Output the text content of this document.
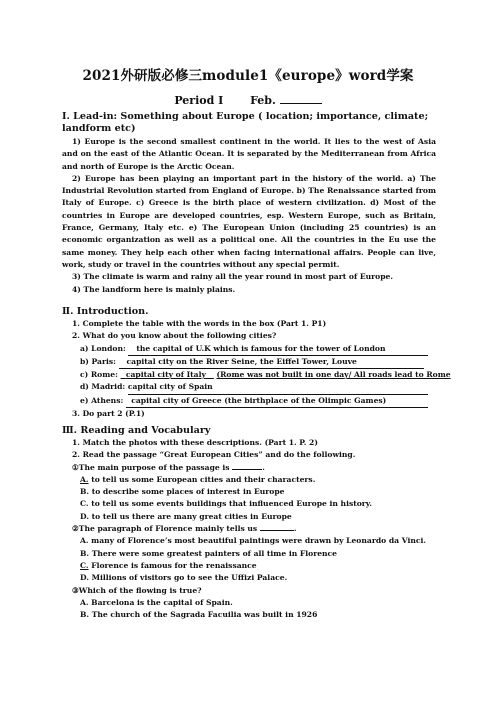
2021外研版必修三module1《europe》word学案
Period Ⅰ Feb.
Ⅰ. Lead-in: Something about Europe ( location; importance, climate; landform etc)
1) Europe is the second smallest continent in the world. It lies to the west of Asia and on the east of the Atlantic Ocean. It is separated by the Mediterranean from Africa and north of Europe is the Arctic Ocean.
2) Europe has been playing an important part in the history of the world. a) The Industrial Revolution started from England of Europe. b) The Renaissance started from Italy of Europe. c) Greece is the birth place of western civilization. d) Most of the countries in Europe are developed countries, esp. Western Europe, such as Britain, France, Germany, Italy etc. e) The European Union (including 25 countries) is an economic organization as well as a political one. All the countries in the Eu use the same money. They help each other when facing international affairs. People can live, work, study or travel in the countries without any special permit.
3) The climate is warm and rainy all the year round in most part of Europe.
4) The landform here is mainly plains.
Ⅱ. Introduction.
1. Complete the table with the words in the box (Part 1. P1)
2. What do you know about the following cities?
a) London: the capital of U.K which is famous for the tower of London
b) Paris: capital city on the River Seine, the Eiffel Tower, Louve
c) Rome: capital city of Italy (Rome was not built in one day/ All roads lead to Rome
d) Madrid: capital city of Spain
e) Athens: capital city of Greece (the birthplace of the Olimpic Games)
3. Do part 2 (P.1)
Ⅲ. Reading and Vocabulary
1. Match the photos with these descriptions. (Part 1. P. 2)
2. Read the passage “Great European Cities” and do the following.
①The main purpose of the passage is	.
A. to tell us some European cities and their characters.
B. to describe some places of interest in Europe
C. to tell us some events buildings that influenced Europe in history.
D. to tell us there are many great cities in Europe
②The paragraph of Florence mainly tells us	.
A. many of Florence’s most beautiful paintings were drawn by Leonardo da Vinci.
B. There were some greatest painters of all time in Florence
C. Florence is famous for the renaissance
D. Millions of visitors go to see the Uffizi Palace.
③Which of the flowing is true?
A. Barcelona is the capital of Spain.
B. The church of the Sagrada Facuilia was built in 1926
